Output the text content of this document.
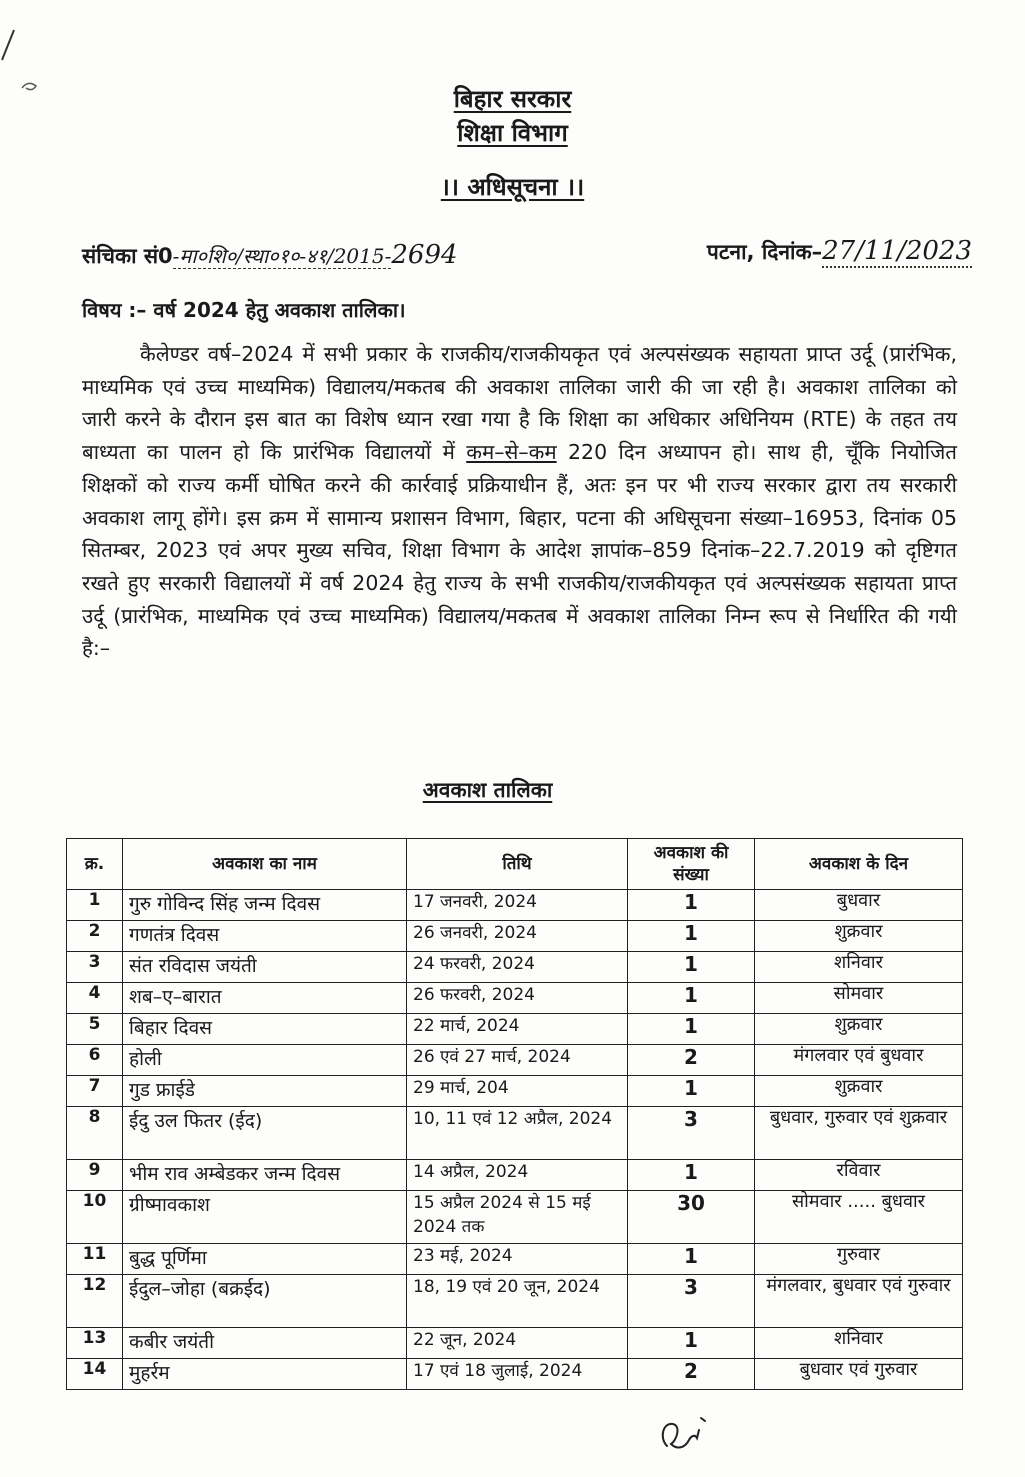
बिहार सरकार
शिक्षा विभाग
।। अधिसूचना ।।
संचिका सं0-मा०शि०/स्था०१०-४१/2015-2694	पटना, दिनांक–27/11/2023
विषय :– वर्ष 2024 हेतु अवकाश तालिका।
कैलेण्डर वर्ष–2024 में सभी प्रकार के राजकीय/राजकीयकृत एवं अल्पसंख्यक सहायता प्राप्त उर्दू (प्रारंभिक, माध्यमिक एवं उच्च माध्यमिक) विद्यालय/मकतब की अवकाश तालिका जारी की जा रही है। अवकाश तालिका को जारी करने के दौरान इस बात का विशेष ध्यान रखा गया है कि शिक्षा का अधिकार अधिनियम (RTE) के तहत तय बाध्यता का पालन हो कि प्रारंभिक विद्यालयों में कम–से–कम 220 दिन अध्यापन हो। साथ ही, चूँकि नियोजित शिक्षकों को राज्य कर्मी घोषित करने की कार्रवाई प्रक्रियाधीन हैं, अतः इन पर भी राज्य सरकार द्वारा तय सरकारी अवकाश लागू होंगे। इस क्रम में सामान्य प्रशासन विभाग, बिहार, पटना की अधिसूचना संख्या–16953, दिनांक 05 सितम्बर, 2023 एवं अपर मुख्य सचिव, शिक्षा विभाग के आदेश ज्ञापांक–859 दिनांक–22.7.2019 को दृष्टिगत रखते हुए सरकारी विद्यालयों में वर्ष 2024 हेतु राज्य के सभी राजकीय/राजकीयकृत एवं अल्पसंख्यक सहायता प्राप्त उर्दू (प्रारंभिक, माध्यमिक एवं उच्च माध्यमिक) विद्यालय/मकतब में अवकाश तालिका निम्न रूप से निर्धारित की गयी है:–
अवकाश तालिका
क्र.	अवकाश का नाम	तिथि	अवकाश की संख्या	अवकाश के दिन
1	गुरु गोविन्द सिंह जन्म दिवस	17 जनवरी, 2024	1	बुधवार
2	गणतंत्र दिवस	26 जनवरी, 2024	1	शुक्रवार
3	संत रविदास जयंती	24 फरवरी, 2024	1	शनिवार
4	शब–ए–बारात	26 फरवरी, 2024	1	सोमवार
5	बिहार दिवस	22 मार्च, 2024	1	शुक्रवार
6	होली	26 एवं 27 मार्च, 2024	2	मंगलवार एवं बुधवार
7	गुड फ्राईडे	29 मार्च, 204	1	शुक्रवार
8	ईदु उल फितर (ईद)	10, 11 एवं 12 अप्रैल, 2024	3	बुधवार, गुरुवार एवं शुक्रवार
9	भीम राव अम्बेडकर जन्म दिवस	14 अप्रैल, 2024	1	रविवार
10	ग्रीष्मावकाश	15 अप्रैल 2024 से 15 मई 2024 तक	30	सोमवार ..... बुधवार
11	बुद्ध पूर्णिमा	23 मई, 2024	1	गुरुवार
12	ईदुल–जोहा (बक्रईद)	18, 19 एवं 20 जून, 2024	3	मंगलवार, बुधवार एवं गुरुवार
13	कबीर जयंती	22 जून, 2024	1	शनिवार
14	मुहर्रम	17 एवं 18 जुलाई, 2024	2	बुधवार एवं गुरुवार
